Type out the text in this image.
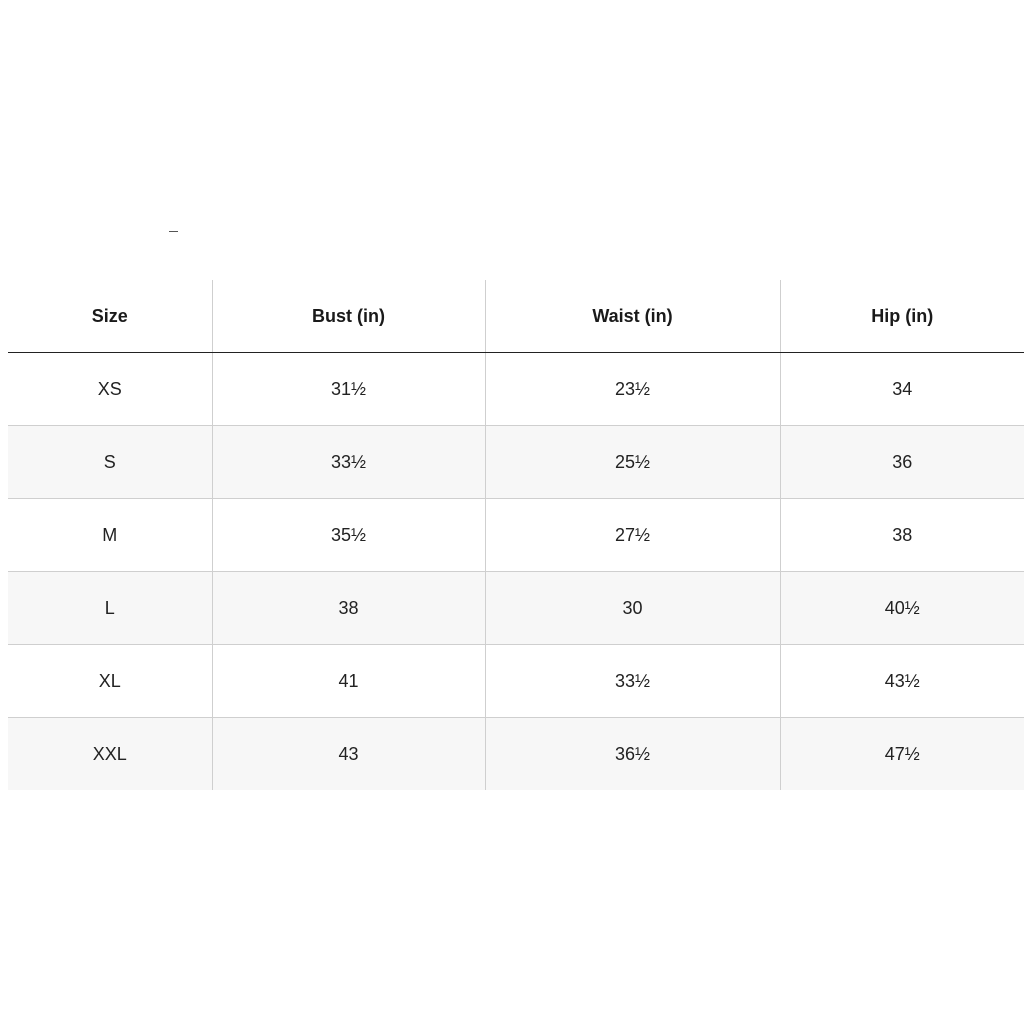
Size	Bust (in)	Waist (in)	Hip (in)
XS	31½	23½	34
S	33½	25½	36
M	35½	27½	38
L	38	30	40½
XL	41	33½	43½
XXL	43	36½	47½
